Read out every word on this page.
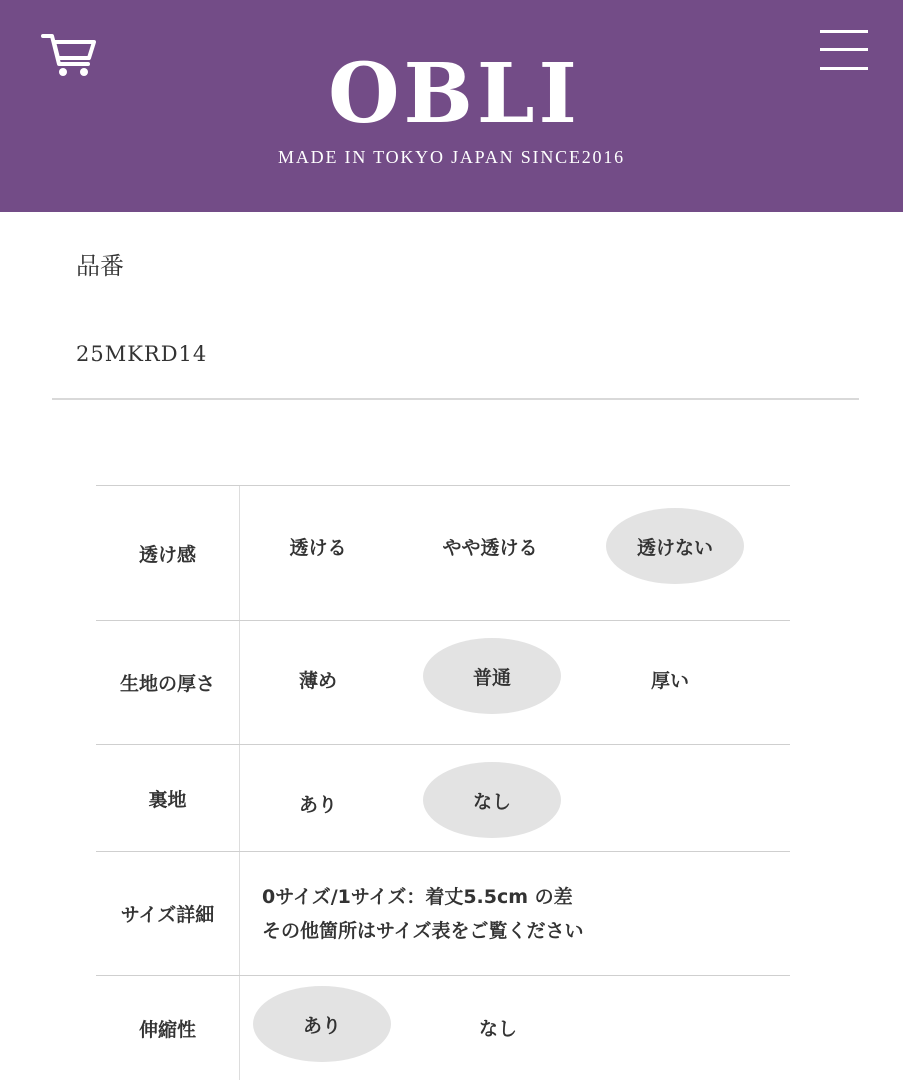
OBLI
MADE IN TOKYO JAPAN SINCE2016
品番
25MKRD14
透け感	透ける	やや透ける	透けない
生地の厚さ	薄め	普通	厚い
裏地	あり	なし
サイズ詳細
0サイズ/1サイズ：着丈5.5cm の差
その他箇所はサイズ表をご覧ください
伸縮性	あり	なし
